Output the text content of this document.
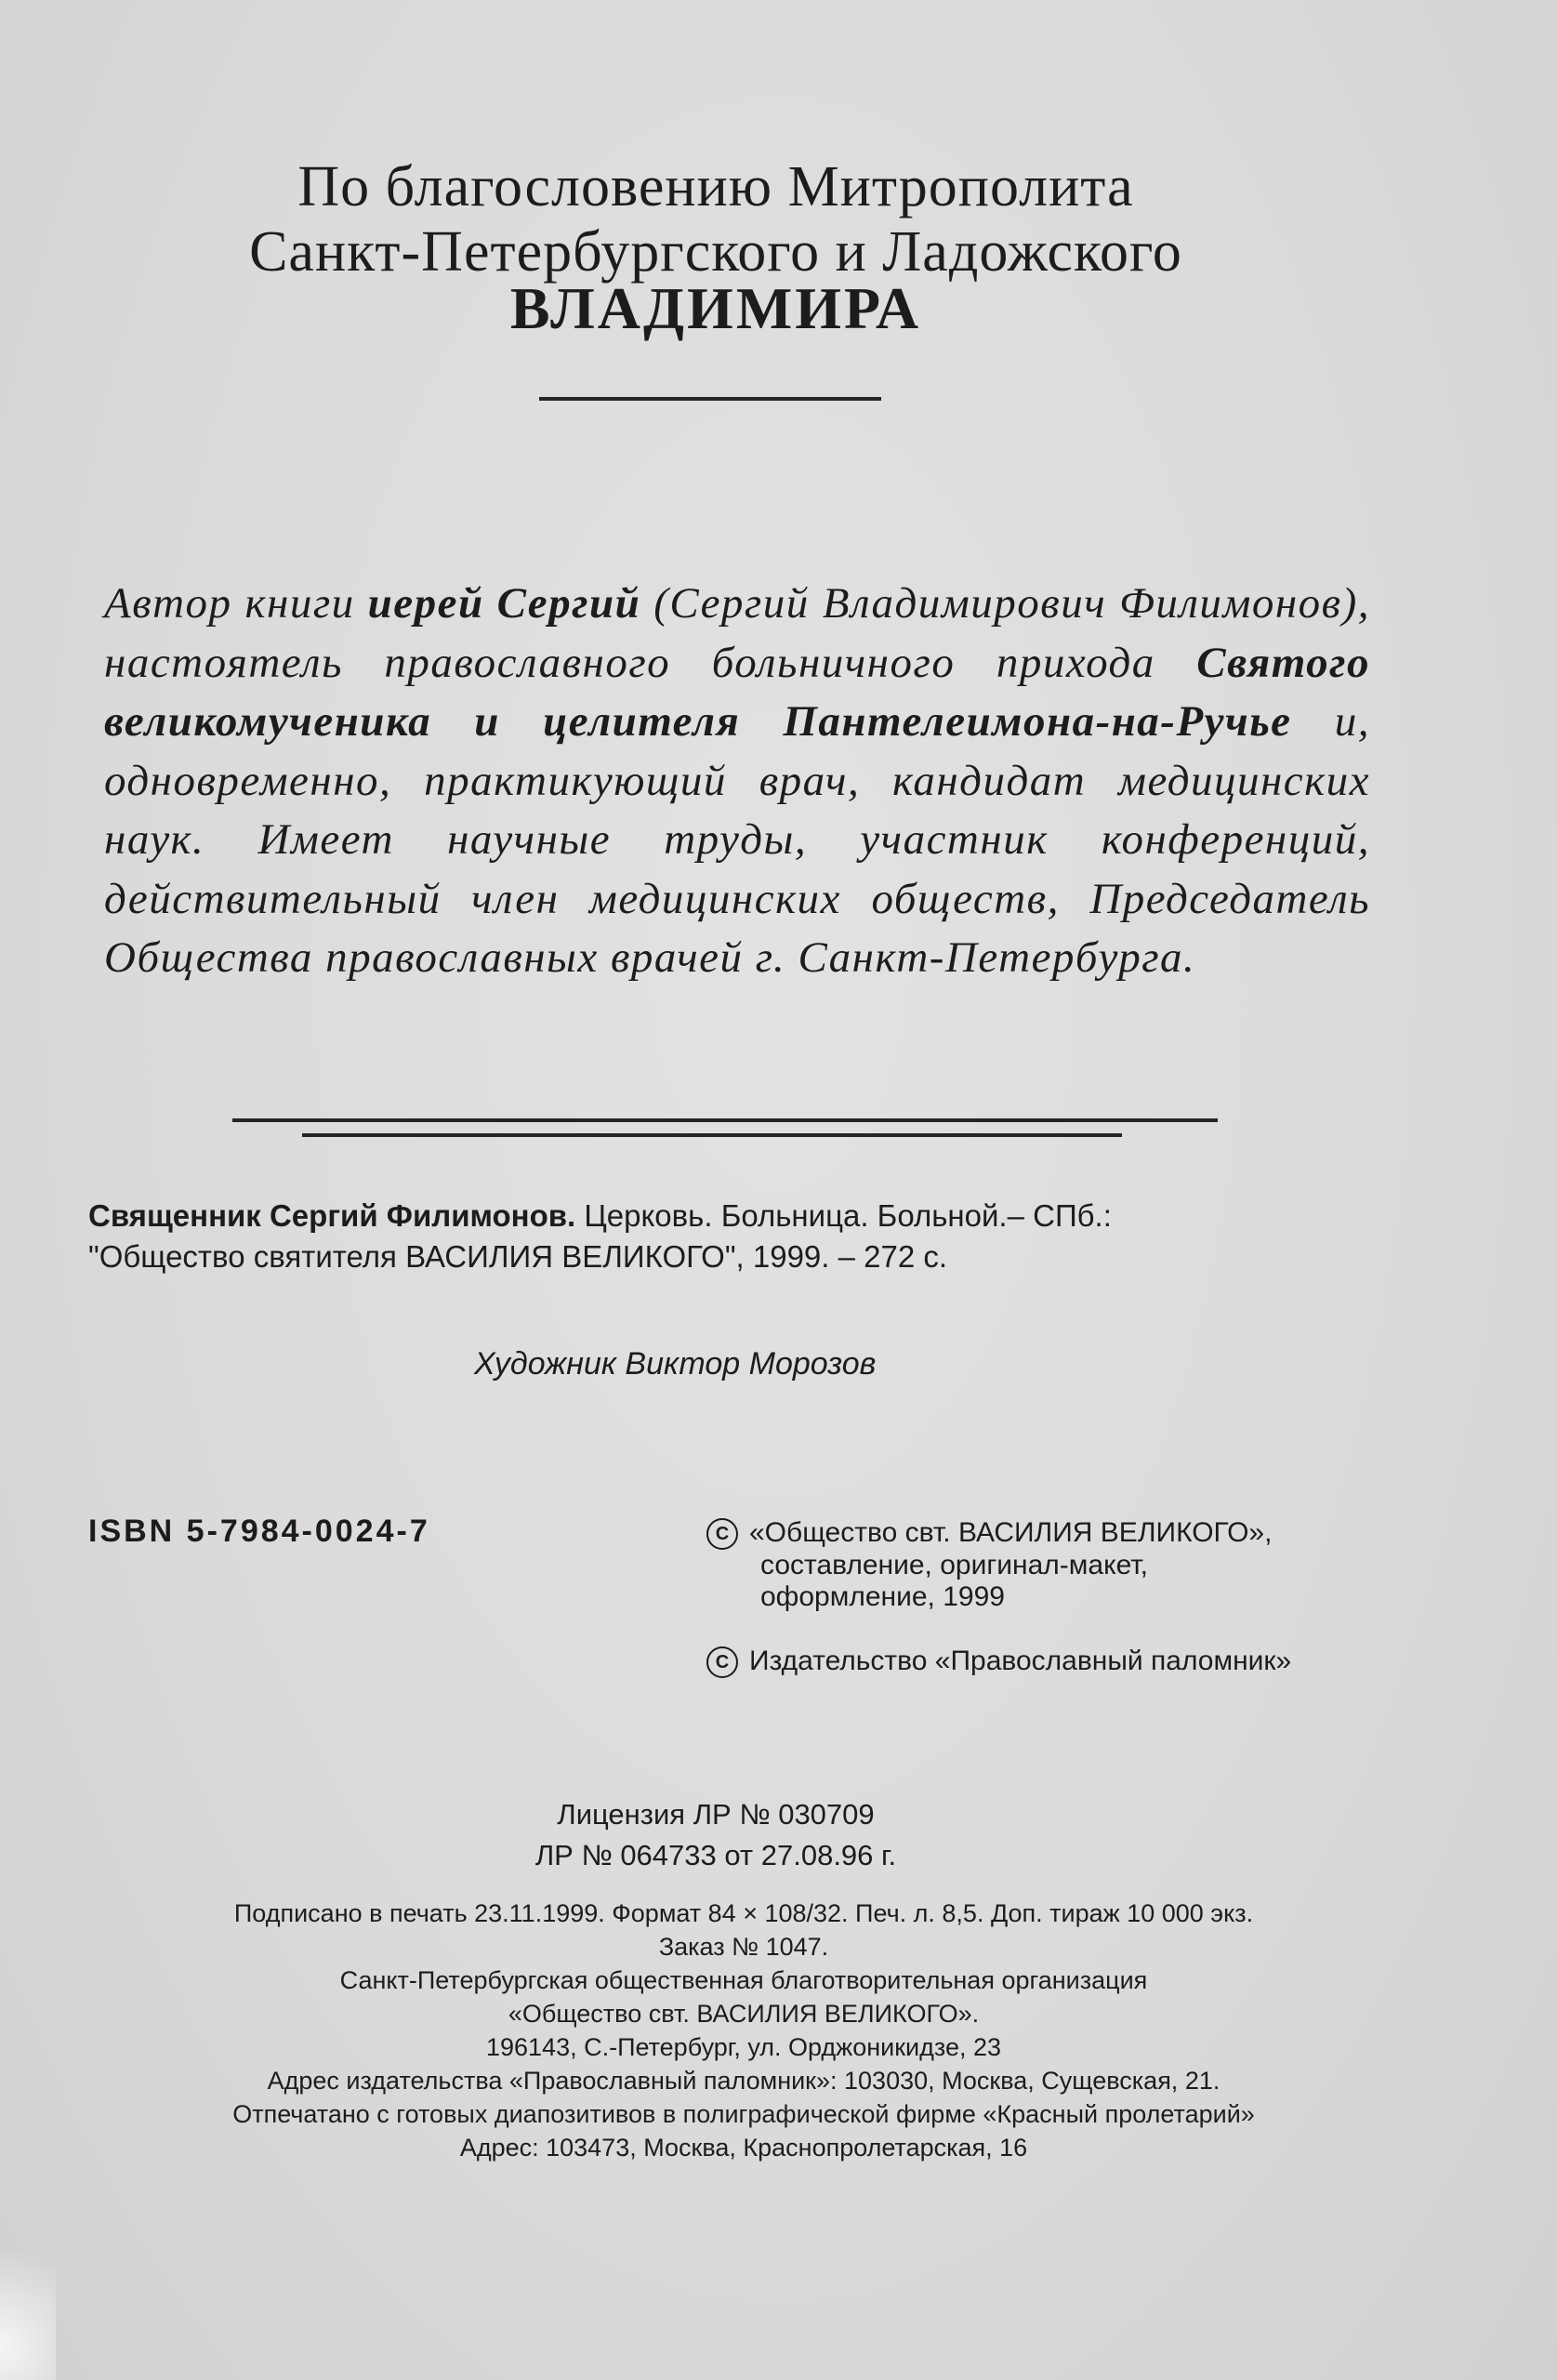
По благословению Митрополита
Санкт-Петербургского и Ладожского
ВЛАДИМИРА
Автор книги иерей Сергий (Сергий Владимирович Филимонов), настоятель православного больничного прихода Святого великомученика и целителя Пантелеимона-на-Ручье и, одновременно, практикующий врач, кандидат медицинских наук. Имеет научные труды, участник конференций, действительный член медицинских обществ, Председатель Общества православных врачей г. Санкт-Петербурга.
Священник Сергий Филимонов. Церковь. Больница. Больной.– СПб.:
"Общество святителя ВАСИЛИЯ ВЕЛИКОГО", 1999. – 272 с.
Художник Виктор Морозов
ISBN 5-7984-0024-7	C «Общество свт. ВАСИЛИЯ ВЕЛИКОГО»,
составление, оригинал-макет,
оформление, 1999
C Издательство «Православный паломник»
Лицензия ЛР № 030709
ЛР № 064733 от 27.08.96 г.
Подписано в печать 23.11.1999. Формат 84 × 108/32. Печ. л. 8,5. Доп. тираж 10 000 экз.
Заказ № 1047.
Санкт-Петербургская общественная благотворительная организация
«Общество свт. ВАСИЛИЯ ВЕЛИКОГО».
196143, С.-Петербург, ул. Орджоникидзе, 23
Адрес издательства «Православный паломник»: 103030, Москва, Сущевская, 21.
Отпечатано с готовых диапозитивов в полиграфической фирме «Красный пролетарий»
Адрес: 103473, Москва, Краснопролетарская, 16
